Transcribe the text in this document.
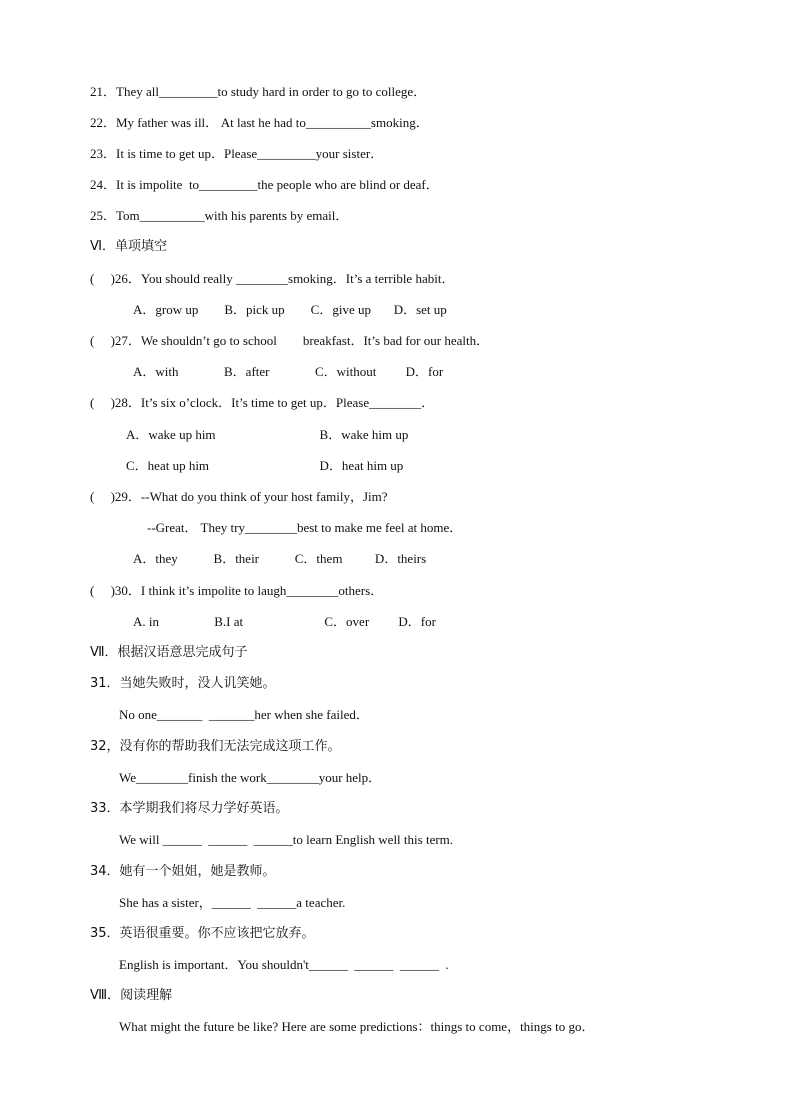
21．They all_________to study hard in order to go to college．
22．My father was ill． At last he had to__________smoking．
23．It is time to get up．Please_________your sister．
24．It is impolite  to_________the people who are blind or deaf．
25．Tom__________with his parents by email．
Ⅵ．单项填空
(     )26．You should really ________smoking．It’s a terrible habit．
A．grow up        B．pick up        C．give up       D．set up
(     )27．We shouldn’t go to school        breakfast．It’s bad for our health．
A．with              B．after              C．without         D．for
(     )28．It’s six o’clock．It’s time to get up．Please________．
A．wake up him                                B．wake him up
C．heat up him                                  D．heat him up
(     )29．--What do you think of your host family，Jim?
--Great． They try________best to make me feel at home．
A．they           B．their           C．them          D．theirs
(     )30．I think it’s impolite to laugh________others．
A. in                 B.I at                         C．over         D．for
Ⅶ．根据汉语意思完成句子
31．当她失败时，没人讥笑她。
No one_______  _______her when she failed．
32，没有你的帮助我们无法完成这项工作。
We________finish the work________your help．
33．本学期我们将尽力学好英语。
We will ______  ______  ______to learn English well this term.
34．她有一个姐姐，她是教师。
She has a sister，______  ______a teacher.
35．英语很重要。你不应该把它放弃。
English is important．You shouldn't______  ______  ______  .
Ⅷ．阅读理解
What might the future be like? Here are some predictions：things to come，things to go．
